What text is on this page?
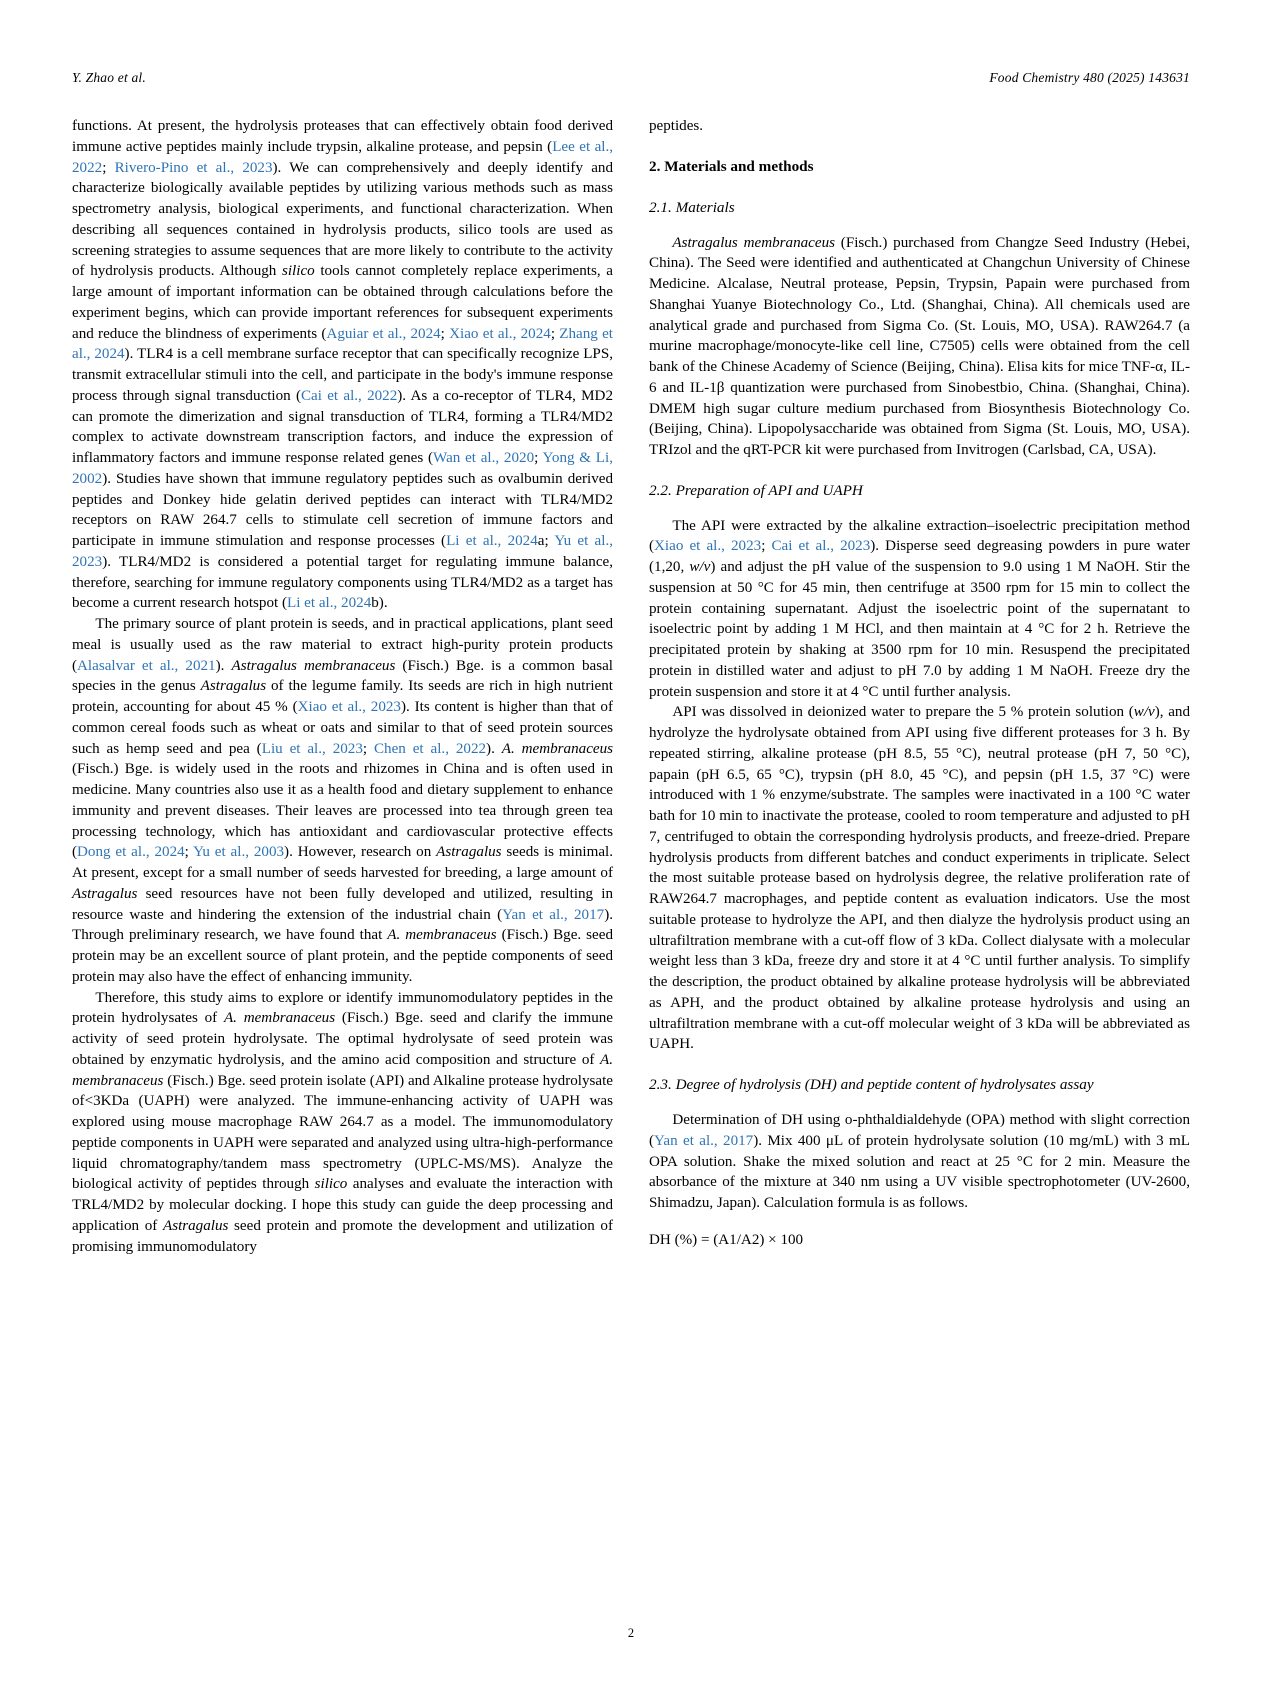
Y. Zhao et al.	Food Chemistry 480 (2025) 143631

functions. At present, the hydrolysis proteases that can effectively obtain food derived immune active peptides mainly include trypsin, alkaline protease, and pepsin (Lee et al., 2022; Rivero-Pino et al., 2023). We can comprehensively and deeply identify and characterize biologically available peptides by utilizing various methods such as mass spectrometry analysis, biological experiments, and functional characterization. When describing all sequences contained in hydrolysis products, silico tools are used as screening strategies to assume sequences that are more likely to contribute to the activity of hydrolysis products. Although silico tools cannot completely replace experiments, a large amount of important information can be obtained through calculations before the experiment begins, which can provide important references for subsequent experiments and reduce the blindness of experiments (Aguiar et al., 2024; Xiao et al., 2024; Zhang et al., 2024). TLR4 is a cell membrane surface receptor that can specifically recognize LPS, transmit extracellular stimuli into the cell, and participate in the body's immune response process through signal transduction (Cai et al., 2022). As a co-receptor of TLR4, MD2 can promote the dimerization and signal transduction of TLR4, forming a TLR4/MD2 complex to activate downstream transcription factors, and induce the expression of inflammatory factors and immune response related genes (Wan et al., 2020; Yong & Li, 2002). Studies have shown that immune regulatory peptides such as ovalbumin derived peptides and Donkey hide gelatin derived peptides can interact with TLR4/MD2 receptors on RAW 264.7 cells to stimulate cell secretion of immune factors and participate in immune stimulation and response processes (Li et al., 2024a; Yu et al., 2023). TLR4/MD2 is considered a potential target for regulating immune balance, therefore, searching for immune regulatory components using TLR4/MD2 as a target has become a current research hotspot (Li et al., 2024b).

The primary source of plant protein is seeds, and in practical applications, plant seed meal is usually used as the raw material to extract high-purity protein products (Alasalvar et al., 2021). Astragalus membranaceus (Fisch.) Bge. is a common basal species in the genus Astragalus of the legume family. Its seeds are rich in high nutrient protein, accounting for about 45 % (Xiao et al., 2023). Its content is higher than that of common cereal foods such as wheat or oats and similar to that of seed protein sources such as hemp seed and pea (Liu et al., 2023; Chen et al., 2022). A. membranaceus (Fisch.) Bge. is widely used in the roots and rhizomes in China and is often used in medicine. Many countries also use it as a health food and dietary supplement to enhance immunity and prevent diseases. Their leaves are processed into tea through green tea processing technology, which has antioxidant and cardiovascular protective effects (Dong et al., 2024; Yu et al., 2003). However, research on Astragalus seeds is minimal. At present, except for a small number of seeds harvested for breeding, a large amount of Astragalus seed resources have not been fully developed and utilized, resulting in resource waste and hindering the extension of the industrial chain (Yan et al., 2017). Through preliminary research, we have found that A. membranaceus (Fisch.) Bge. seed protein may be an excellent source of plant protein, and the peptide components of seed protein may also have the effect of enhancing immunity.

Therefore, this study aims to explore or identify immunomodulatory peptides in the protein hydrolysates of A. membranaceus (Fisch.) Bge. seed and clarify the immune activity of seed protein hydrolysate. The optimal hydrolysate of seed protein was obtained by enzymatic hydrolysis, and the amino acid composition and structure of A. membranaceus (Fisch.) Bge. seed protein isolate (API) and Alkaline protease hydrolysate of<3KDa (UAPH) were analyzed. The immune-enhancing activity of UAPH was explored using mouse macrophage RAW 264.7 as a model. The immunomodulatory peptide components in UAPH were separated and analyzed using ultra-high-performance liquid chromatography/tandem mass spectrometry (UPLC-MS/MS). Analyze the biological activity of peptides through silico analyses and evaluate the interaction with TRL4/MD2 by molecular docking. I hope this study can guide the deep processing and application of Astragalus seed protein and promote the development and utilization of promising immunomodulatory

peptides.

2. Materials and methods
2.1. Materials

Astragalus membranaceus (Fisch.) purchased from Changze Seed Industry (Hebei, China). The Seed were identified and authenticated at Changchun University of Chinese Medicine. Alcalase, Neutral protease, Pepsin, Trypsin, Papain were purchased from Shanghai Yuanye Biotechnology Co., Ltd. (Shanghai, China). All chemicals used are analytical grade and purchased from Sigma Co. (St. Louis, MO, USA). RAW264.7 (a murine macrophage/monocyte-like cell line, C7505) cells were obtained from the cell bank of the Chinese Academy of Science (Beijing, China). Elisa kits for mice TNF-α, IL-6 and IL-1β quantization were purchased from Sinobestbio, China. (Shanghai, China). DMEM high sugar culture medium purchased from Biosynthesis Biotechnology Co. (Beijing, China). Lipopolysaccharide was obtained from Sigma (St. Louis, MO, USA). TRIzol and the qRT-PCR kit were purchased from Invitrogen (Carlsbad, CA, USA).

2.2. Preparation of API and UAPH

The API were extracted by the alkaline extraction–isoelectric precipitation method (Xiao et al., 2023; Cai et al., 2023). Disperse seed degreasing powders in pure water (1,20, w/v) and adjust the pH value of the suspension to 9.0 using 1 M NaOH. Stir the suspension at 50 °C for 45 min, then centrifuge at 3500 rpm for 15 min to collect the protein containing supernatant. Adjust the isoelectric point of the supernatant to isoelectric point by adding 1 M HCl, and then maintain at 4 °C for 2 h. Retrieve the precipitated protein by shaking at 3500 rpm for 10 min. Resuspend the precipitated protein in distilled water and adjust to pH 7.0 by adding 1 M NaOH. Freeze dry the protein suspension and store it at 4 °C until further analysis.

API was dissolved in deionized water to prepare the 5 % protein solution (w/v), and hydrolyze the hydrolysate obtained from API using five different proteases for 3 h. By repeated stirring, alkaline protease (pH 8.5, 55 °C), neutral protease (pH 7, 50 °C), papain (pH 6.5, 65 °C), trypsin (pH 8.0, 45 °C), and pepsin (pH 1.5, 37 °C) were introduced with 1 % enzyme/substrate. The samples were inactivated in a 100 °C water bath for 10 min to inactivate the protease, cooled to room temperature and adjusted to pH 7, centrifuged to obtain the corresponding hydrolysis products, and freeze-dried. Prepare hydrolysis products from different batches and conduct experiments in triplicate. Select the most suitable protease based on hydrolysis degree, the relative proliferation rate of RAW264.7 macrophages, and peptide content as evaluation indicators. Use the most suitable protease to hydrolyze the API, and then dialyze the hydrolysis product using an ultrafiltration membrane with a cut-off flow of 3 kDa. Collect dialysate with a molecular weight less than 3 kDa, freeze dry and store it at 4 °C until further analysis. To simplify the description, the product obtained by alkaline protease hydrolysis will be abbreviated as APH, and the product obtained by alkaline protease hydrolysis and using an ultrafiltration membrane with a cut-off molecular weight of 3 kDa will be abbreviated as UAPH.

2.3. Degree of hydrolysis (DH) and peptide content of hydrolysates assay

Determination of DH using o-phthaldialdehyde (OPA) method with slight correction (Yan et al., 2017). Mix 400 μL of protein hydrolysate solution (10 mg/mL) with 3 mL OPA solution. Shake the mixed solution and react at 25 °C for 2 min. Measure the absorbance of the mixture at 340 nm using a UV visible spectrophotometer (UV-2600, Shimadzu, Japan). Calculation formula is as follows.

DH (%) = (A1/A2) × 100

2
